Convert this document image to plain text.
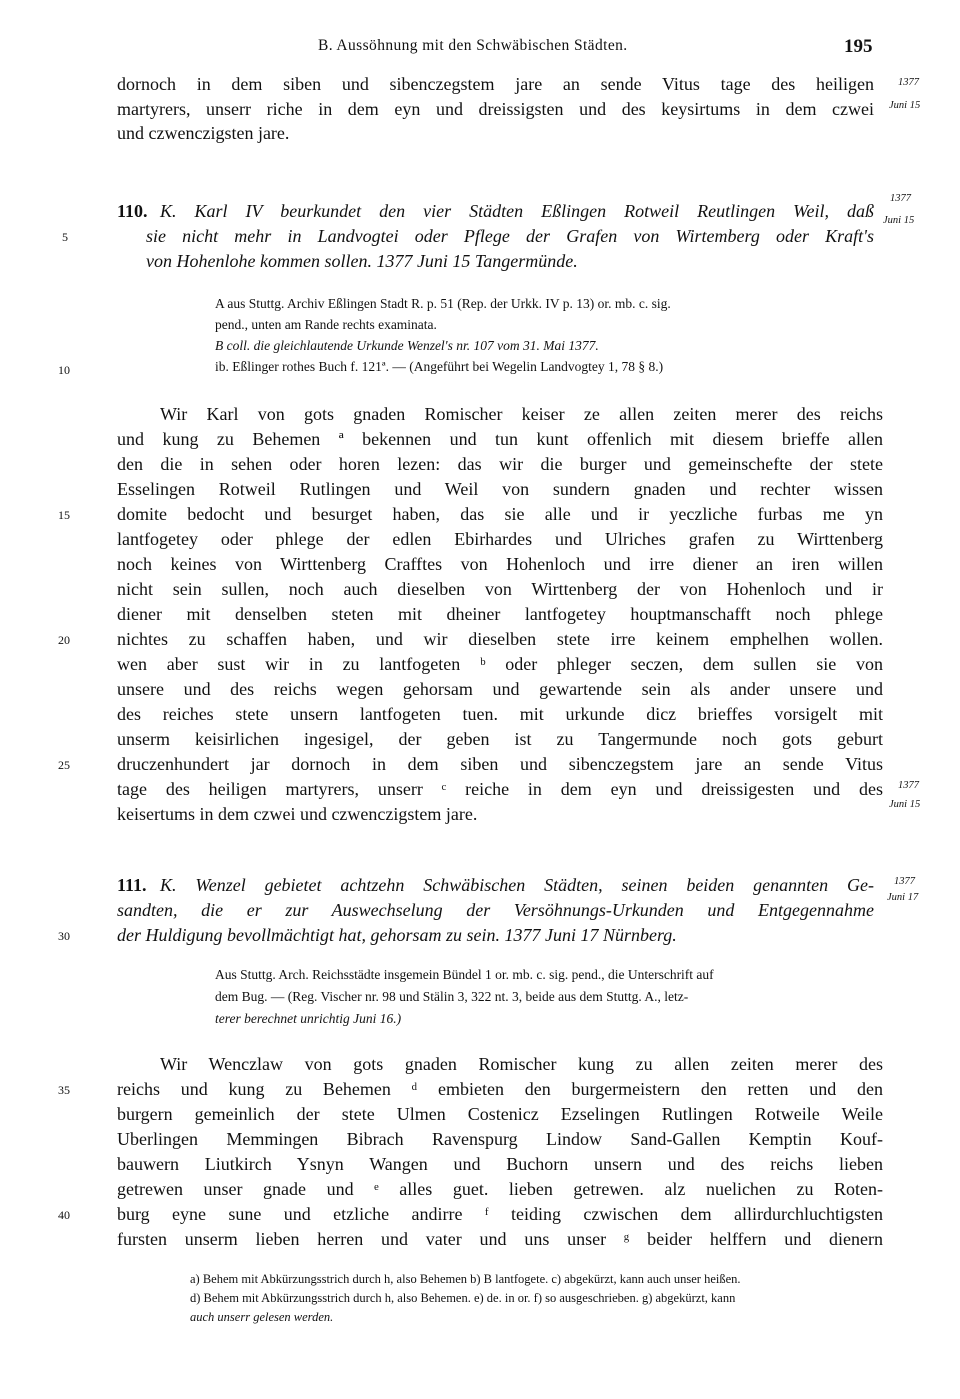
B. Aussöhnung mit den Schwäbischen Städten.	195
dornoch in dem siben und sibenczegstem jare an sende Vitus tage des heiligen
martyrers, unserr riche in dem eyn und dreissigsten und des keysirtums in dem czwei
und czwenczigsten jare.
1377
Juni 15
110. K. Karl IV beurkundet den vier Städten Eßlingen Rotweil Reutlingen Weil, daß
sie nicht mehr in Landvogtei oder Pflege der Grafen von Wirtemberg oder Kraft's
von Hohenlohe kommen sollen. 1377 Juni 15 Tangermünde.
1377
Juni 15
A aus Stuttg. Archiv Eßlingen Stadt R. p. 51 (Rep. der Urkk. IV p. 13) or. mb. c. sig.
pend., unten am Rande rechts examinata.
B coll. die gleichlautende Urkunde Wenzel's nr. 107 vom 31. Mai 1377.
ib. Eßlinger rothes Buch f. 121ª. — (Angeführt bei Wegelin Landvogtey 1, 78 § 8.)
Wir Karl von gots gnaden Romischer keiser ze allen zeiten merer des reichs
und kung zu Behemen ª bekennen und tun kunt offenlich mit diesem brieffe allen
den die in sehen oder horen lezen: das wir die burger und gemeinschefte der stete
Esselingen Rotweil Rutlingen und Weil von sundern gnaden und rechter wissen
domite bedocht und besurget haben, das sie alle und ir yeczliche furbas me yn
lantfogetey oder phlege der edlen Ebirhardes und Ulriches grafen zu Wirttenberg
noch keines von Wirttenberg Crafftes von Hohenloch und irre diener an iren willen
nicht sein sullen, noch auch dieselben von Wirttenberg der von Hohenloch und ir
diener mit denselben steten mit dheiner lantfogetey houptmanschafft noch phlege
nichtes zu schaffen haben, und wir dieselben stete irre keinem emphelhen wollen.
wen aber sust wir in zu lantfogeten ᵇ oder phleger seczen, dem sullen sie von
unsere und des reichs wegen gehorsam und gewartende sein als ander unsere und
des reiches stete unsern lantfogeten tuen. mit urkunde dicz brieffes vorsigelt mit
unserm keisirlichen ingesigel, der geben ist zu Tangermunde noch gots geburt
druczenhundert jar dornoch in dem siben und sibenczegstem jare an sende Vitus
tage des heiligen martyrers, unserr ᶜ reiche in dem eyn und dreissigesten und des
keisertums in dem czwei und czwenczigstem jare.
1377
Juni 15
111. K. Wenzel gebietet achtzehn Schwäbischen Städten, seinen beiden genannten Ge-
sandten, die er zur Auswechselung der Versöhnungs-Urkunden und Entgegennahme
der Huldigung bevollmächtigt hat, gehorsam zu sein. 1377 Juni 17 Nürnberg.
1377
Juni 17
Aus Stuttg. Arch. Reichsstädte insgemein Bündel 1 or. mb. c. sig. pend., die Unterschrift auf
dem Bug. — (Reg. Vischer nr. 98 und Stälin 3, 322 nt. 3, beide aus dem Stuttg. A., letz-
terer berechnet unrichtig Juni 16.)
Wir Wenczlaw von gots gnaden Romischer kung zu allen zeiten merer des
reichs und kung zu Behemen ᵈ embieten den burgermeistern den retten und den
burgern gemeinlich der stete Ulmen Costenicz Ezselingen Rutlingen Rotweile Weile
Uberlingen Memmingen Bibrach Ravenspurg Lindow Sand-Gallen Kemptin Kouf-
bauwern Liutkirch Ysnyn Wangen und Buchorn unsern und des reichs lieben
getrewen unser gnade und ᵉ alles guet. lieben getrewen. alz nuelichen zu Roten-
burg eyne sune und etzliche andirre ᶠ teiding czwischen dem allirdurchluchtigsten
fursten unserm lieben herren und vater und uns unser ᵍ beider helffern und dienern
5
10
15
20
25
30
35
40
a) Behem mit Abkürzungsstrich durch h, also Behemen b) B lantfogete. c) abgekürzt, kann auch unser heißen.
d) Behem mit Abkürzungsstrich durch h, also Behemen. e) de. in or. f) so ausgeschrieben. g) abgekürzt, kann
auch unserr gelesen werden.
